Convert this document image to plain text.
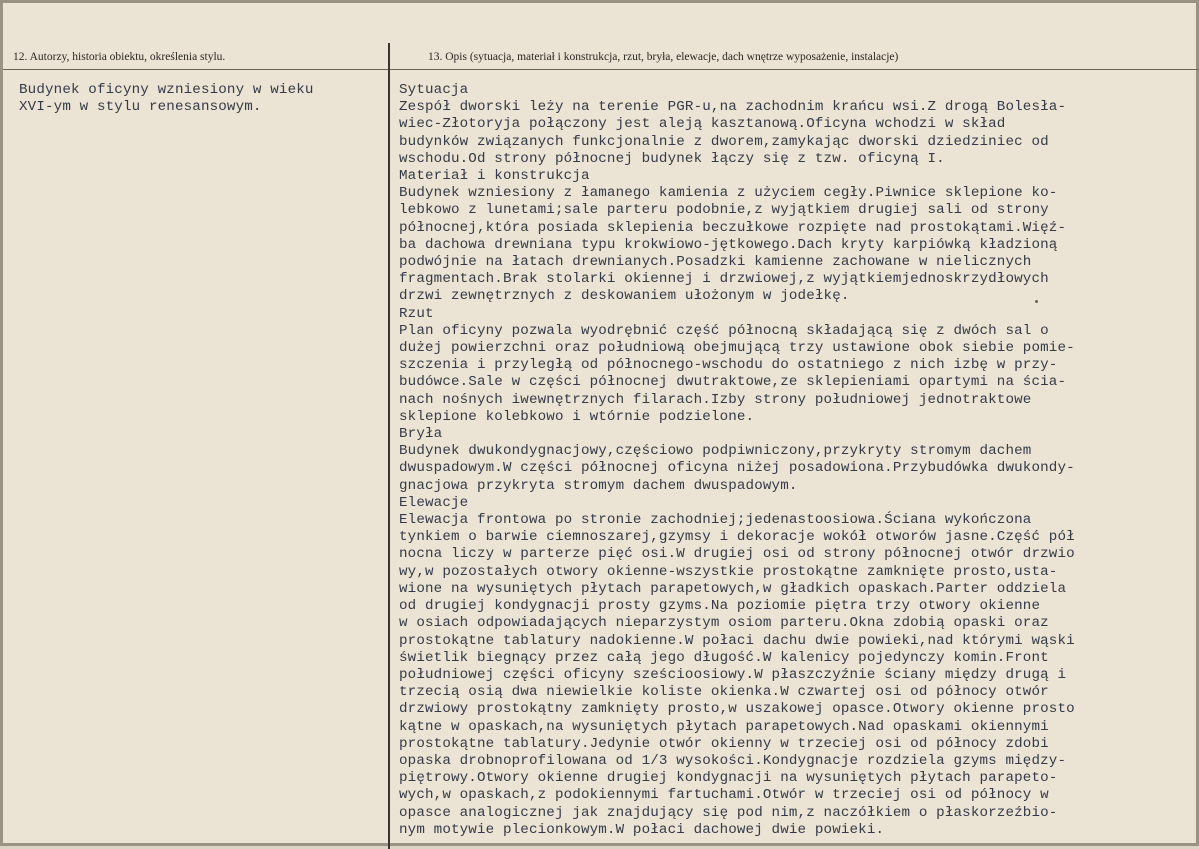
12. Autorzy, historia obiektu, określenia stylu.	13. Opis (sytuacja, materiał i konstrukcja, rzut, bryła, elewacje, dach wnętrze wyposażenie, instalacje)
Budynek oficyny wzniesiony w wieku
XVI-ym w stylu renesansowym.
Sytuacja
Zespół dworski leży na terenie PGR-u,na zachodnim krańcu wsi.Z drogą Bolesła-
wiec-Złotoryja połączony jest aleją kasztanową.Oficyna wchodzi w skład
budynków związanych funkcjonalnie z dworem,zamykając dworski dziedziniec od
wschodu.Od strony północnej budynek łączy się z tzw. oficyną I.
Materiał i konstrukcja
Budynek wzniesiony z łamanego kamienia z użyciem cegły.Piwnice sklepione ko-
lebkowo z lunetami;sale parteru podobnie,z wyjątkiem drugiej sali od strony
północnej,która posiada sklepienia beczułkowe rozpięte nad prostokątami.Więź-
ba dachowa drewniana typu krokwiowo-jętkowego.Dach kryty karpiówką kładzioną
podwójnie na łatach drewnianych.Posadzki kamienne zachowane w nielicznych
fragmentach.Brak stolarki okiennej i drzwiowej,z wyjątkiemjednoskrzydłowych
drzwi zewnętrznych z deskowaniem ułożonym w jodełkę.
Rzut
Plan oficyny pozwala wyodrębnić część północną składającą się z dwóch sal o
dużej powierzchni oraz południową obejmującą trzy ustawione obok siebie pomie-
szczenia i przyległą od północnego-wschodu do ostatniego z nich izbę w przy-
budówce.Sale w części północnej dwutraktowe,ze sklepieniami opartymi na ścia-
nach nośnych iwewnętrznych filarach.Izby strony południowej jednotraktowe
sklepione kolebkowo i wtórnie podzielone.
Bryła
Budynek dwukondygnacjowy,częściowo podpiwniczony,przykryty stromym dachem
dwuspadowym.W części północnej oficyna niżej posadowiona.Przybudówka dwukondy-
gnacjowa przykryta stromym dachem dwuspadowym.
Elewacje
Elewacja frontowa po stronie zachodniej;jedenastoosiowa.Ściana wykończona
tynkiem o barwie ciemnoszarej,gzymsy i dekoracje wokół otworów jasne.Część pół
nocna liczy w parterze pięć osi.W drugiej osi od strony północnej otwór drzwio
wy,w pozostałych otwory okienne-wszystkie prostokątne zamknięte prosto,usta-
wione na wysuniętych płytach parapetowych,w gładkich opaskach.Parter oddziela
od drugiej kondygnacji prosty gzyms.Na poziomie piętra trzy otwory okienne
w osiach odpowiadających nieparzystym osiom parteru.Okna zdobią opaski oraz
prostokątne tablatury nadokienne.W połaci dachu dwie powieki,nad którymi wąski
świetlik biegnący przez całą jego długość.W kalenicy pojedynczy komin.Front
południowej części oficyny sześcioosiowy.W płaszczyźnie ściany między drugą i
trzecią osią dwa niewielkie koliste okienka.W czwartej osi od północy otwór
drzwiowy prostokątny zamknięty prosto,w uszakowej opasce.Otwory okienne prosto
kątne w opaskach,na wysuniętych płytach parapetowych.Nad opaskami okiennymi
prostokątne tablatury.Jedynie otwór okienny w trzeciej osi od północy zdobi
opaska drobnoprofilowana od 1/3 wysokości.Kondygnacje rozdziela gzyms między-
piętrowy.Otwory okienne drugiej kondygnacji na wysuniętych płytach parapeto-
wych,w opaskach,z podokiennymi fartuchami.Otwór w trzeciej osi od północy w
opasce analogicznej jak znajdujący się pod nim,z naczółkiem o płaskorzeźbio-
nym motywie plecionkowym.W połaci dachowej dwie powieki.
